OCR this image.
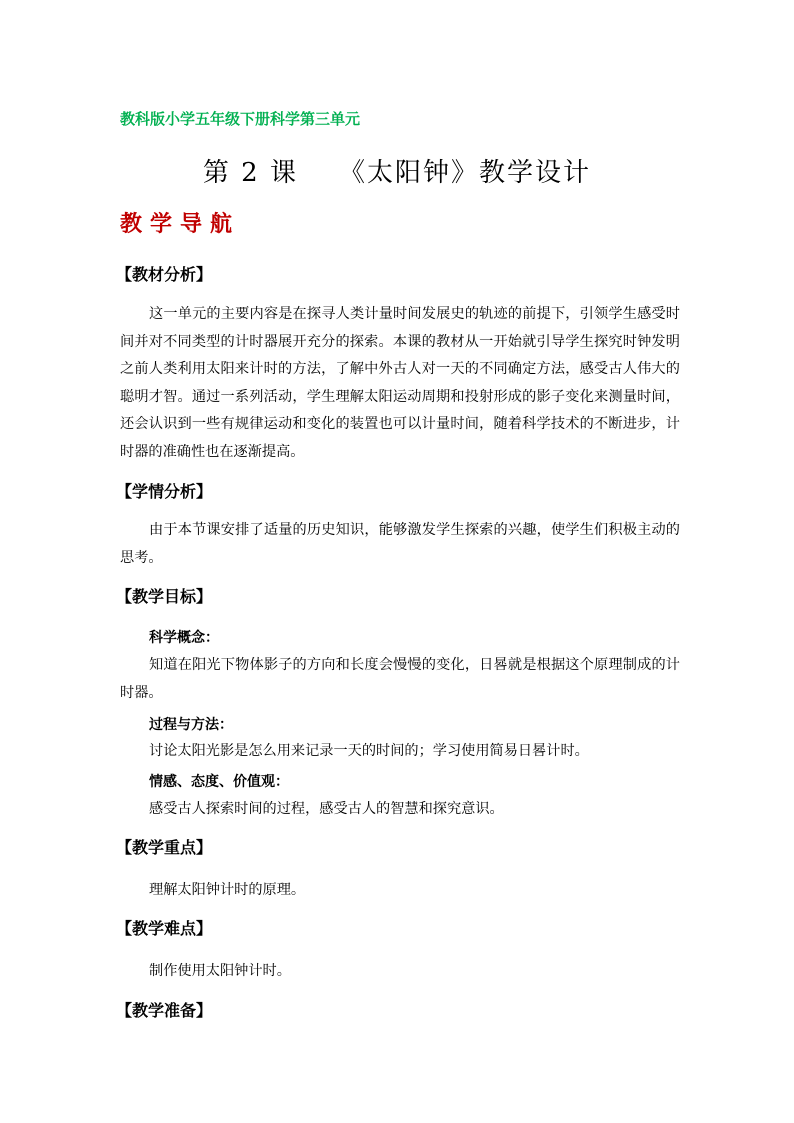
教科版小学五年级下册科学第三单元
第 2 课    《太阳钟》教学设计
教学导航
【教材分析】
这一单元的主要内容是在探寻人类计量时间发展史的轨迹的前提下，引领学生感受时间并对不同类型的计时器展开充分的探索。本课的教材从一开始就引导学生探究时钟发明之前人类利用太阳来计时的方法，了解中外古人对一天的不同确定方法，感受古人伟大的聪明才智。通过一系列活动，学生理解太阳运动周期和投射形成的影子变化来测量时间，还会认识到一些有规律运动和变化的装置也可以计量时间，随着科学技术的不断进步，计时器的准确性也在逐渐提高。
【学情分析】
由于本节课安排了适量的历史知识，能够激发学生探索的兴趣，使学生们积极主动的思考。
【教学目标】
科学概念：
知道在阳光下物体影子的方向和长度会慢慢的变化，日晷就是根据这个原理制成的计时器。
过程与方法：
讨论太阳光影是怎么用来记录一天的时间的；学习使用简易日晷计时。
情感、态度、价值观：
感受古人探索时间的过程，感受古人的智慧和探究意识。
【教学重点】
理解太阳钟计时的原理。
【教学难点】
制作使用太阳钟计时。
【教学准备】
